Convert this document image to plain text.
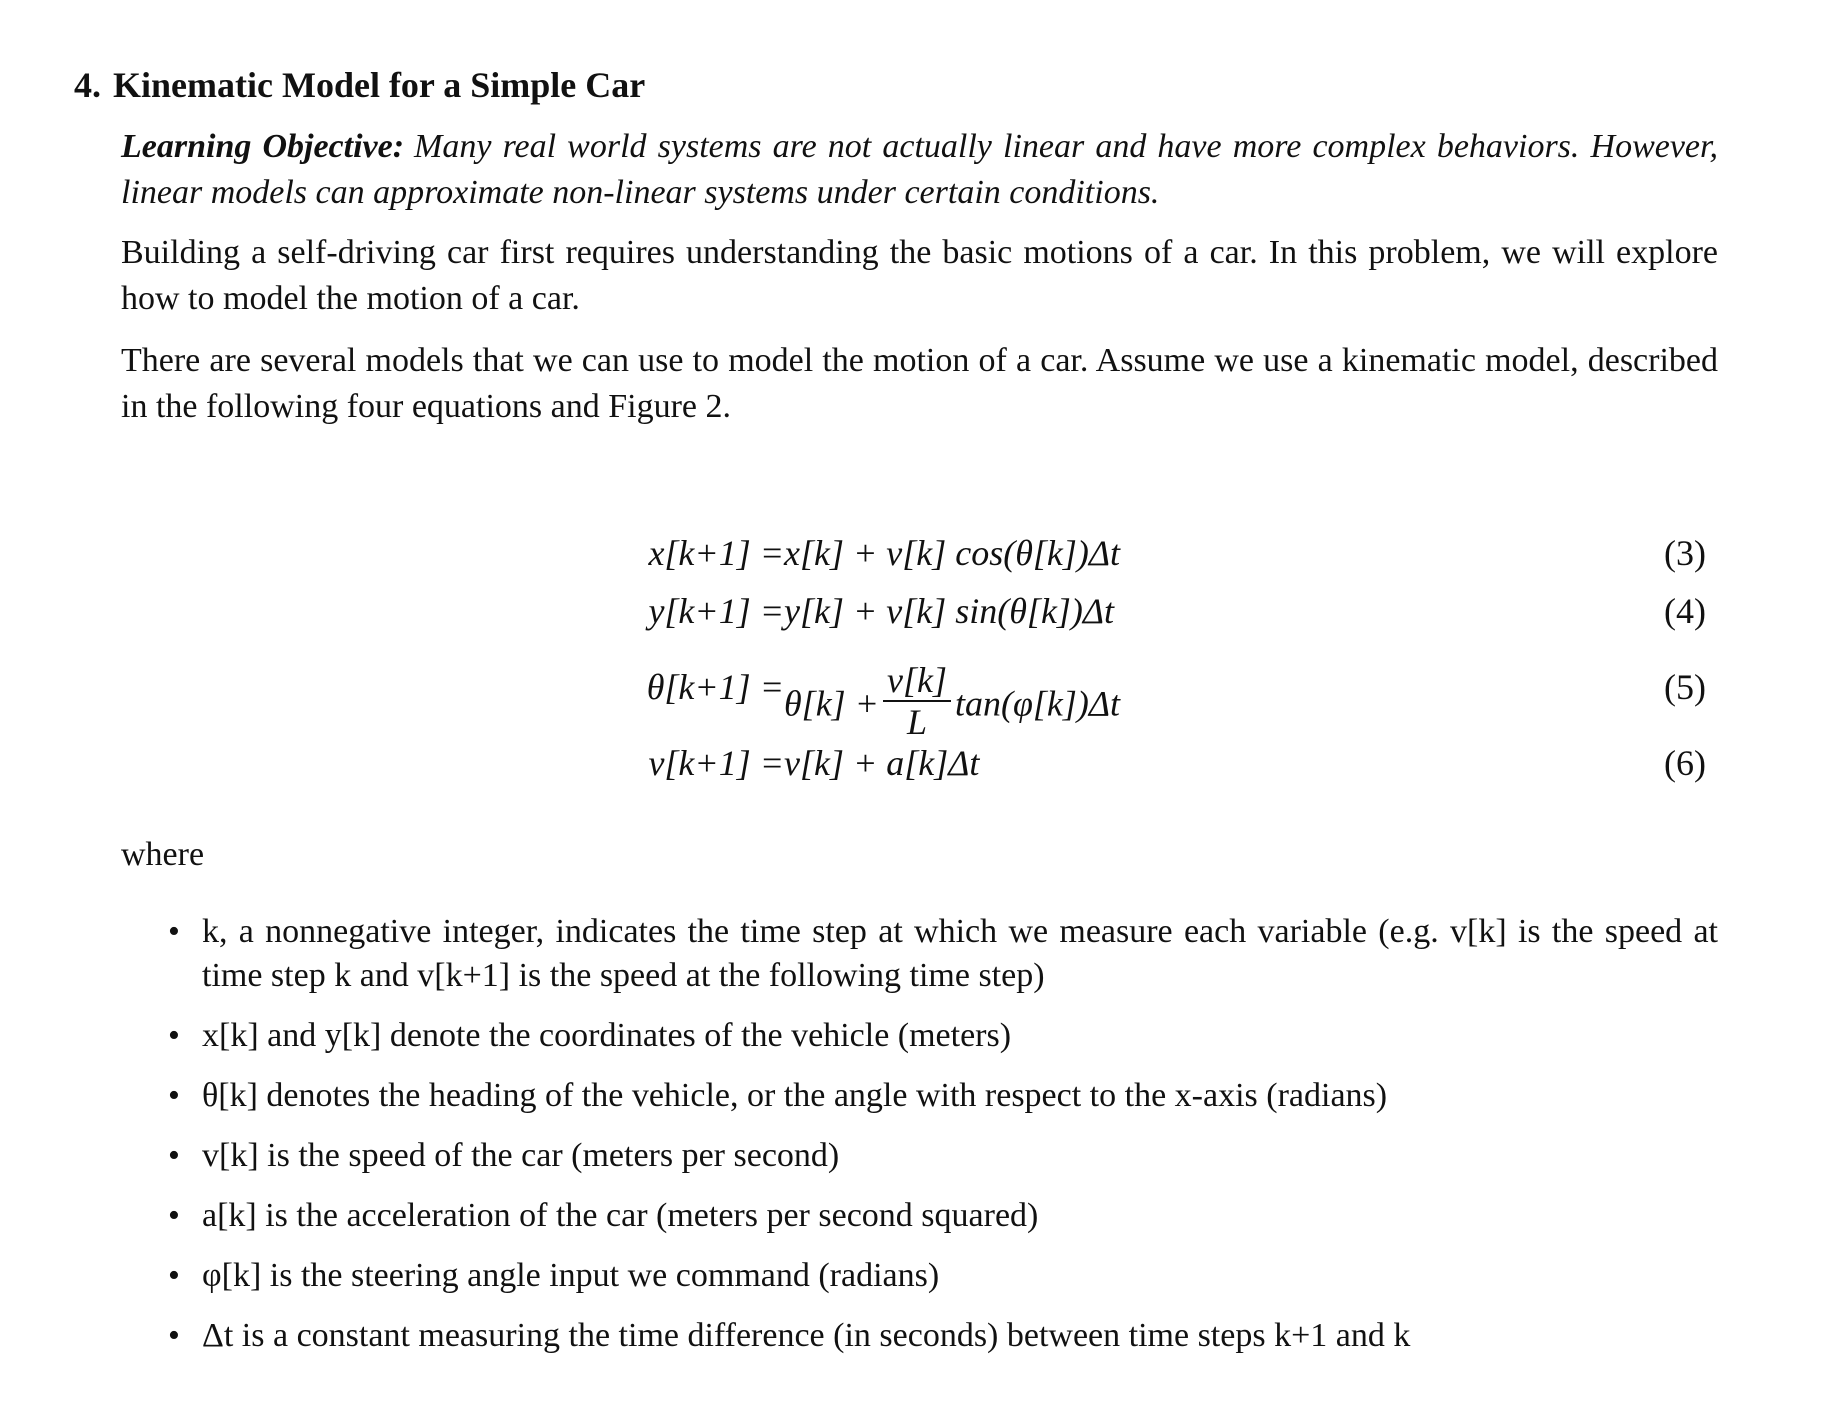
4. Kinematic Model for a Simple Car
Learning Objective: Many real world systems are not actually linear and have more complex behaviors. However, linear models can approximate non-linear systems under certain conditions.
Building a self-driving car first requires understanding the basic motions of a car. In this problem, we will explore how to model the motion of a car.
There are several models that we can use to model the motion of a car. Assume we use a kinematic model, described in the following four equations and Figure 2.
x[k+1] = x[k] + v[k] cos(θ[k])Δt	(3)
y[k+1] = y[k] + v[k] sin(θ[k])Δt	(4)
$\theta[k+1] = \theta[k] + \frac{v[k]}{L} \tan(\varphi[k])\Delta t$	(5)
v[k+1] = v[k] + a[k]Δt	(6)
where
• k, a nonnegative integer, indicates the time step at which we measure each variable (e.g. v[k] is the speed at time step k and v[k+1] is the speed at the following time step)
• x[k] and y[k] denote the coordinates of the vehicle (meters)
• θ[k] denotes the heading of the vehicle, or the angle with respect to the x-axis (radians)
• v[k] is the speed of the car (meters per second)
• a[k] is the acceleration of the car (meters per second squared)
• φ[k] is the steering angle input we command (radians)
• Δt is a constant measuring the time difference (in seconds) between time steps k+1 and k
